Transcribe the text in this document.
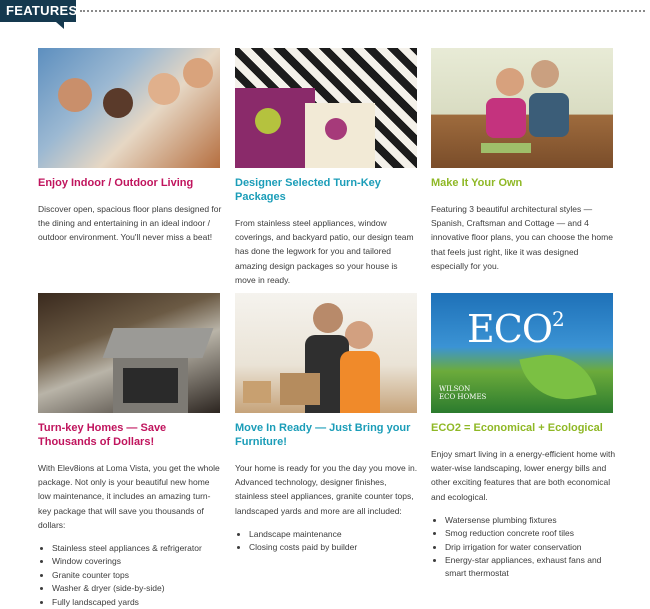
FEATURES
Enjoy Indoor / Outdoor Living

Discover open, spacious floor plans designed for the dining and entertaining in an ideal indoor / outdoor environment. You'll never miss a beat!

Designer Selected Turn-Key Packages

From stainless steel appliances, window coverings, and backyard patio, our design team has done the legwork for you and tailored amazing design packages so your house is move in ready.

Make It Your Own

Featuring 3 beautiful architectural styles — Spanish, Craftsman and Cottage — and 4 innovative floor plans, you can choose the home that feels just right, like it was designed especially for you.

Turn-key Homes — Save Thousands of Dollars!

With Elev8ions at Loma Vista, you get the whole package. Not only is your beautiful new home low maintenance, it includes an amazing turn-key package that will save you thousands of dollars:

• Stainless steel appliances & refrigerator
• Window coverings
• Granite counter tops
• Washer & dryer (side-by-side)
• Fully landscaped yards
Move In Ready — Just Bring your Furniture!

Your home is ready for you the day you move in. Advanced technology, designer finishes, stainless steel appliances, granite counter tops, landscaped yards and more are all included:

• Landscape maintenance
• Closing costs paid by builder
ECO$^2$
WILSON
ECO HOMES
ECO2 = Economical + Ecological

Enjoy smart living in a energy-efficient home with water-wise landscaping, lower energy bills and other exciting features that are both economical and ecological.

• Watersense plumbing fixtures
• Smog reduction concrete roof tiles
• Drip irrigation for water conservation
• Energy-star appliances, exhaust fans and smart thermostat
